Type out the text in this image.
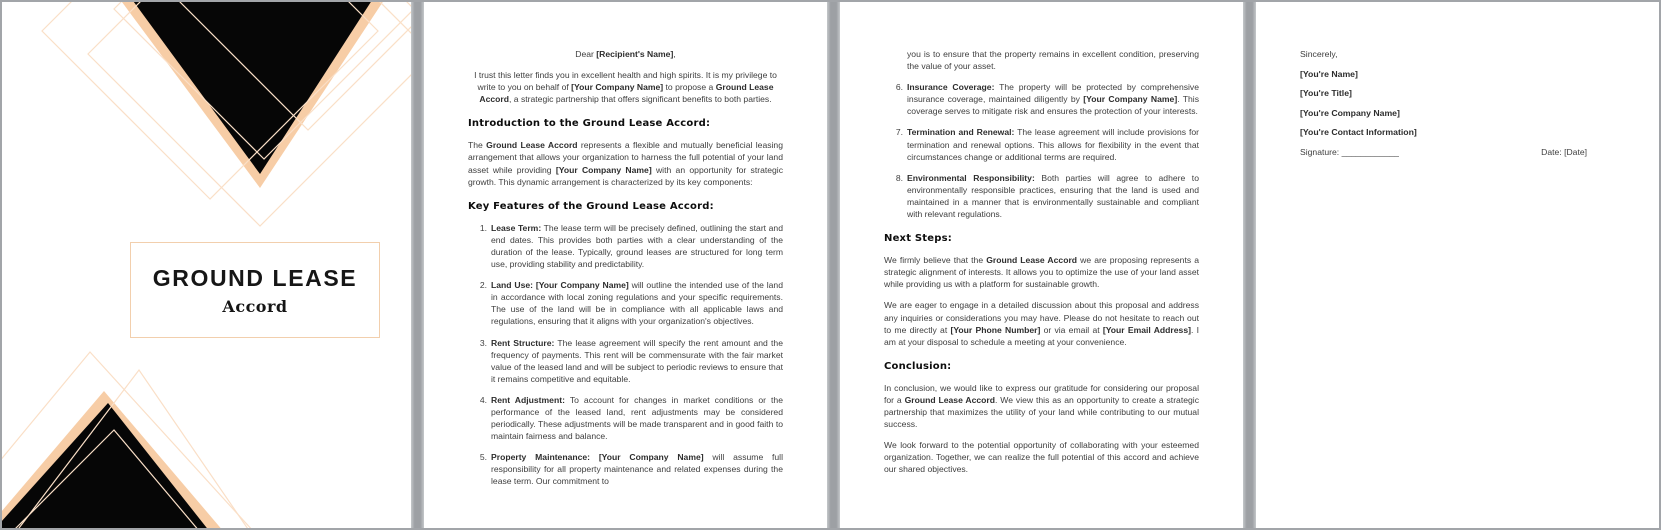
GROUND LEASE
Accord
Dear [Recipient's Name],
I trust this letter finds you in excellent health and high spirits. It is my privilege to write to you on behalf of [Your Company Name] to propose a Ground Lease Accord, a strategic partnership that offers significant benefits to both parties.
Introduction to the Ground Lease Accord:
The Ground Lease Accord represents a flexible and mutually beneficial leasing arrangement that allows your organization to harness the full potential of your land asset while providing [Your Company Name] with an opportunity for strategic growth. This dynamic arrangement is characterized by its key components:
Key Features of the Ground Lease Accord:
1. Lease Term: The lease term will be precisely defined, outlining the start and end dates. This provides both parties with a clear understanding of the duration of the lease. Typically, ground leases are structured for long term use, providing stability and predictability.
2. Land Use: [Your Company Name] will outline the intended use of the land in accordance with local zoning regulations and your specific requirements. The use of the land will be in compliance with all applicable laws and regulations, ensuring that it aligns with your organization's objectives.
3. Rent Structure: The lease agreement will specify the rent amount and the frequency of payments. This rent will be commensurate with the fair market value of the leased land and will be subject to periodic reviews to ensure that it remains competitive and equitable.
4. Rent Adjustment: To account for changes in market conditions or the performance of the leased land, rent adjustments may be considered periodically. These adjustments will be made transparent and in good faith to maintain fairness and balance.
5. Property Maintenance: [Your Company Name] will assume full responsibility for all property maintenance and related expenses during the lease term. Our commitment to
you is to ensure that the property remains in excellent condition, preserving the value of your asset.
6. Insurance Coverage: The property will be protected by comprehensive insurance coverage, maintained diligently by [Your Company Name]. This coverage serves to mitigate risk and ensures the protection of your interests.
7. Termination and Renewal: The lease agreement will include provisions for termination and renewal options. This allows for flexibility in the event that circumstances change or additional terms are required.
8. Environmental Responsibility: Both parties will agree to adhere to environmentally responsible practices, ensuring that the land is used and maintained in a manner that is environmentally sustainable and compliant with relevant regulations.
Next Steps:
We firmly believe that the Ground Lease Accord we are proposing represents a strategic alignment of interests. It allows you to optimize the use of your land asset while providing us with a platform for sustainable growth.
We are eager to engage in a detailed discussion about this proposal and address any inquiries or considerations you may have. Please do not hesitate to reach out to me directly at [Your Phone Number] or via email at [Your Email Address]. I am at your disposal to schedule a meeting at your convenience.
Conclusion:
In conclusion, we would like to express our gratitude for considering our proposal for a Ground Lease Accord. We view this as an opportunity to create a strategic partnership that maximizes the utility of your land while contributing to our mutual success.
We look forward to the potential opportunity of collaborating with your esteemed organization. Together, we can realize the full potential of this accord and achieve our shared objectives.
Sincerely,
[You're Name]
[You're Title]
[You're Company Name]
[You're Contact Information]
Signature: ____________	Date: [Date]
